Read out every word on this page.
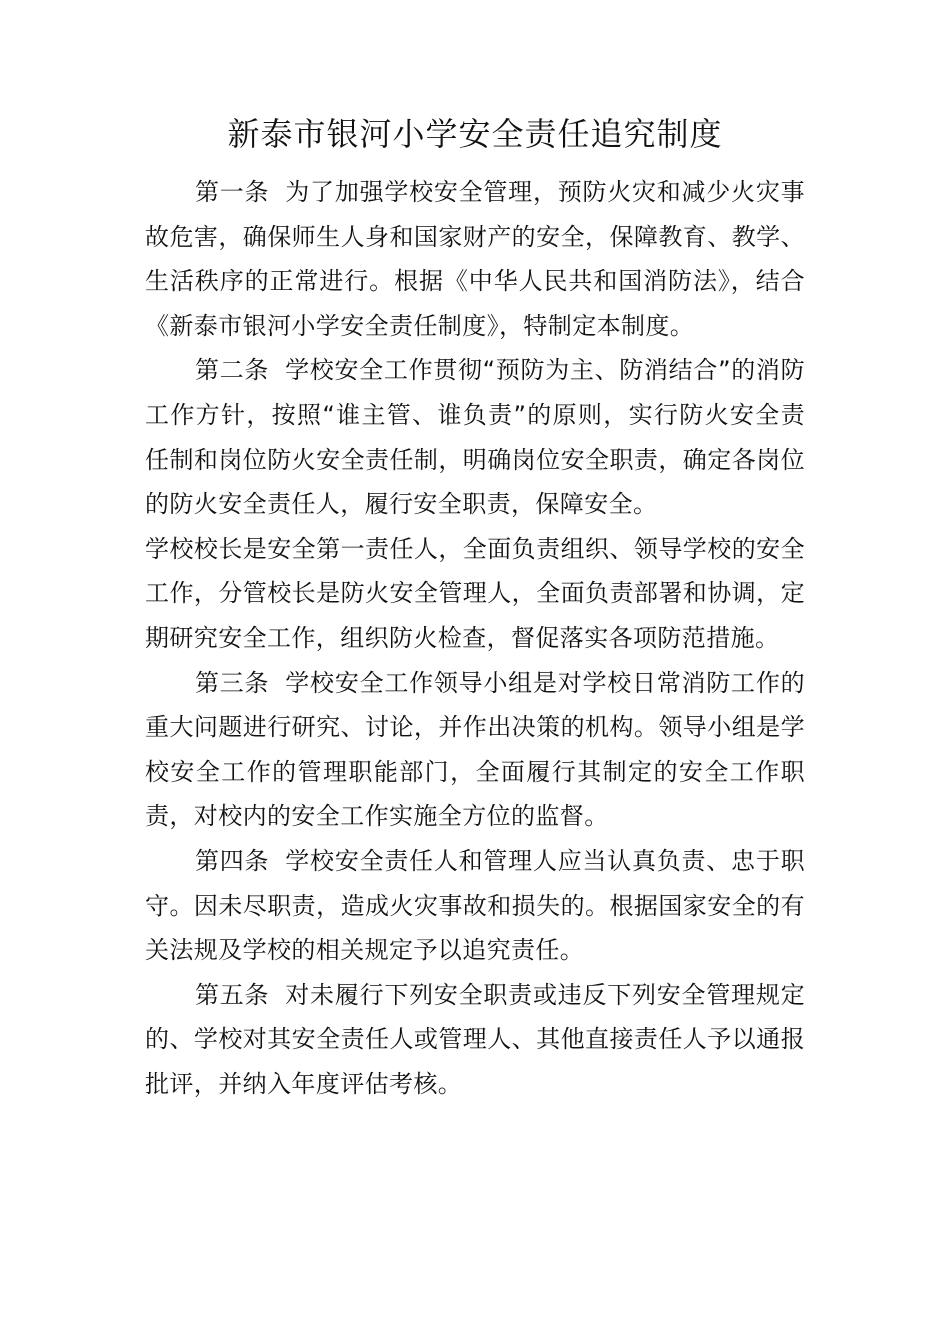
新泰市银河小学安全责任追究制度

第一条 为了加强学校安全管理，预防火灾和减少火灾事故危害，确保师生人身和国家财产的安全，保障教育、教学、生活秩序的正常进行。根据《中华人民共和国消防法》，结合《新泰市银河小学安全责任制度》，特制定本制度。

第二条 学校安全工作贯彻“预防为主、防消结合”的消防工作方针，按照“谁主管、谁负责”的原则，实行防火安全责任制和岗位防火安全责任制，明确岗位安全职责，确定各岗位的防火安全责任人，履行安全职责，保障安全。

学校校长是安全第一责任人，全面负责组织、领导学校的安全工作，分管校长是防火安全管理人，全面负责部署和协调，定期研究安全工作，组织防火检查，督促落实各项防范措施。

第三条 学校安全工作领导小组是对学校日常消防工作的重大问题进行研究、讨论，并作出决策的机构。领导小组是学校安全工作的管理职能部门，全面履行其制定的安全工作职责，对校内的安全工作实施全方位的监督。

第四条 学校安全责任人和管理人应当认真负责、忠于职守。因未尽职责，造成火灾事故和损失的。根据国家安全的有关法规及学校的相关规定予以追究责任。

第五条 对未履行下列安全职责或违反下列安全管理规定的、学校对其安全责任人或管理人、其他直接责任人予以通报批评，并纳入年度评估考核。
